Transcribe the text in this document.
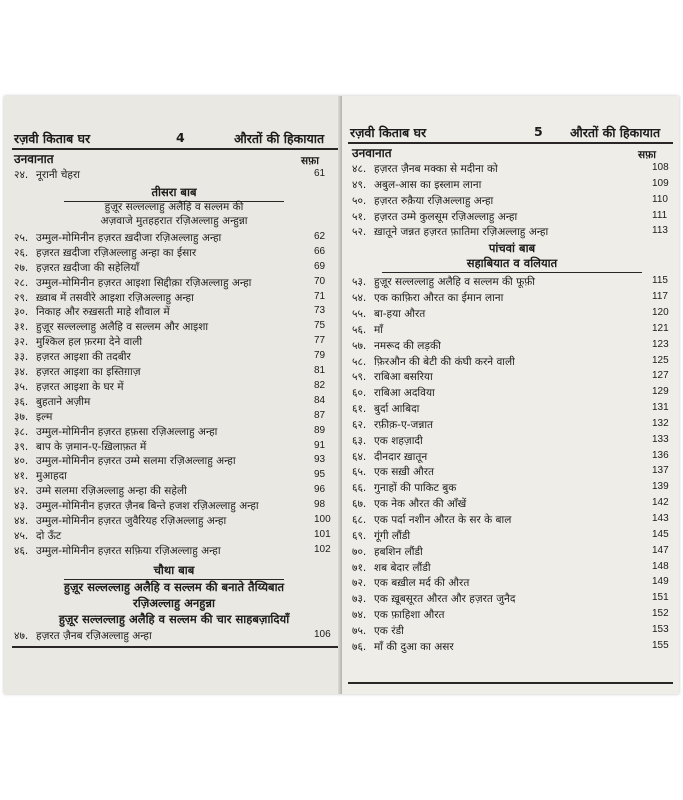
रज़वी किताब घर	4	औरतों की हिकायात
उनवानात	सफ़ा
२४. नूरानी चेहरा	61
तीसरा बाब
हुज़ूर सल्लल्लाहु अलैहि व सल्लम की
अज़वाजे मुतहहरात रज़िअल्लाहु अन्हुन्ना
२५. उम्मुल-मोमिनीन हज़रत ख़दीजा रज़िअल्लाहु अन्हा	62
२६. हज़रत ख़दीजा रज़िअल्लाहु अन्हा का ईसार	66
२७. हज़रत ख़दीजा की सहेलियाँ	69
२८. उम्मुल-मोमिनीन हज़रत आइशा सिद्दीक़ा रज़िअल्लाहु अन्हा	70
२९. ख़्वाब में तसवीरे आइशा रज़िअल्लाहु अन्हा	71
३०. निकाह और रुख़सती माहे शौवाल में	73
३१. हुज़ूर सल्लल्लाहु अलैहि व सल्लम और आइशा	75
३२. मुश्किल हल फ़रमा देने वाली	77
३३. हज़रत आइशा की तदबीर	79
३४. हज़रत आइशा का इस्तिग़ाज़	81
३५. हज़रत आइशा के घर में	82
३६. बुहताने अज़ीम	84
३७. इल्म	87
३८. उम्मुल-मोमिनीन हज़रत हफ़सा रज़िअल्लाहु अन्हा	89
३९. बाप के ज़मान-ए-ख़िलाफ़त में	91
४०. उम्मुल-मोमिनीन हज़रत उम्मे सलमा रज़िअल्लाहु अन्हा	93
४१. मुआहदा	95
४२. उम्मे सलमा रज़िअल्लाहु अन्हा की सहेली	96
४३. उम्मुल-मोमिनीन हज़रत ज़ैनब बिन्ते हजश रज़िअल्लाहु अन्हा	98
४४. उम्मुल-मोमिनीन हज़रत जुवैरियह रज़िअल्लाहु अन्हा	100
४५. दो ऊँट	101
४६. उम्मुल-मोमिनीन हज़रत सफ़िया रज़िअल्लाहु अन्हा	102
चौथा बाब
हुज़ूर सल्लल्लाहु अलैहि व सल्लम की बनाते तैय्यिबात
रज़िअल्लाहु अनहुन्ना
हुज़ूर सल्लल्लाहु अलैहि व सल्लम की चार साहबज़ादियाँ
४७. हज़रत ज़ैनब रज़िअल्लाहु अन्हा	106
रज़वी किताब घर	5 औरतों की हिकायात
उनवानात	सफ़ा
४८. हज़रत ज़ैनब मक्का से मदीना को	108
४९. अबुल-आस का इस्लाम लाना	109
५०. हज़रत रुक़ैया रज़िअल्लाहु अन्हा	110
५१. हज़रत उम्मे कुलसूम रज़िअल्लाहु अन्हा	111
५२. ख़ातूने जन्नत हज़रत फ़ातिमा रज़िअल्लाहु अन्हा	113
पांचवां बाब
सहाबियात व वलियात
५३. हुज़ूर सल्लल्लाहु अलैहि व सल्लम की फूफ़ी	115
५४. एक काफ़िरा औरत का ईमान लाना	117
५५. बा-हया औरत	120
५६. माँ	121
५७. नमरूद की लड़की	123
५८. फ़िरऔन की बेटी की कंघी करने वाली	125
५९. राबिआ बसरिया	127
६०. राबिआ अदविया	129
६१. बुर्दा आबिदा	131
६२. रफ़ीक़-ए-जन्नात	132
६३. एक शहज़ादी	133
६४. दीनदार ख़ातून	136
६५. एक सख़ी औरत	137
६६. गुनाहों की पाकिट बुक	139
६७. एक नेक औरत की आँखें	142
६८. एक पर्दा नशीन औरत के सर के बाल	143
६९. गूंगी लौंडी	145
७०. हबशिन लौंडी	147
७१. शब बेदार लौंडी	148
७२. एक बख़ील मर्द की औरत	149
७३. एक ख़ूबसूरत औरत और हज़रत जुनैद	151
७४. एक फ़ाहिशा औरत	152
७५. एक रंडी	153
७६. माँ की दुआ का असर	155
